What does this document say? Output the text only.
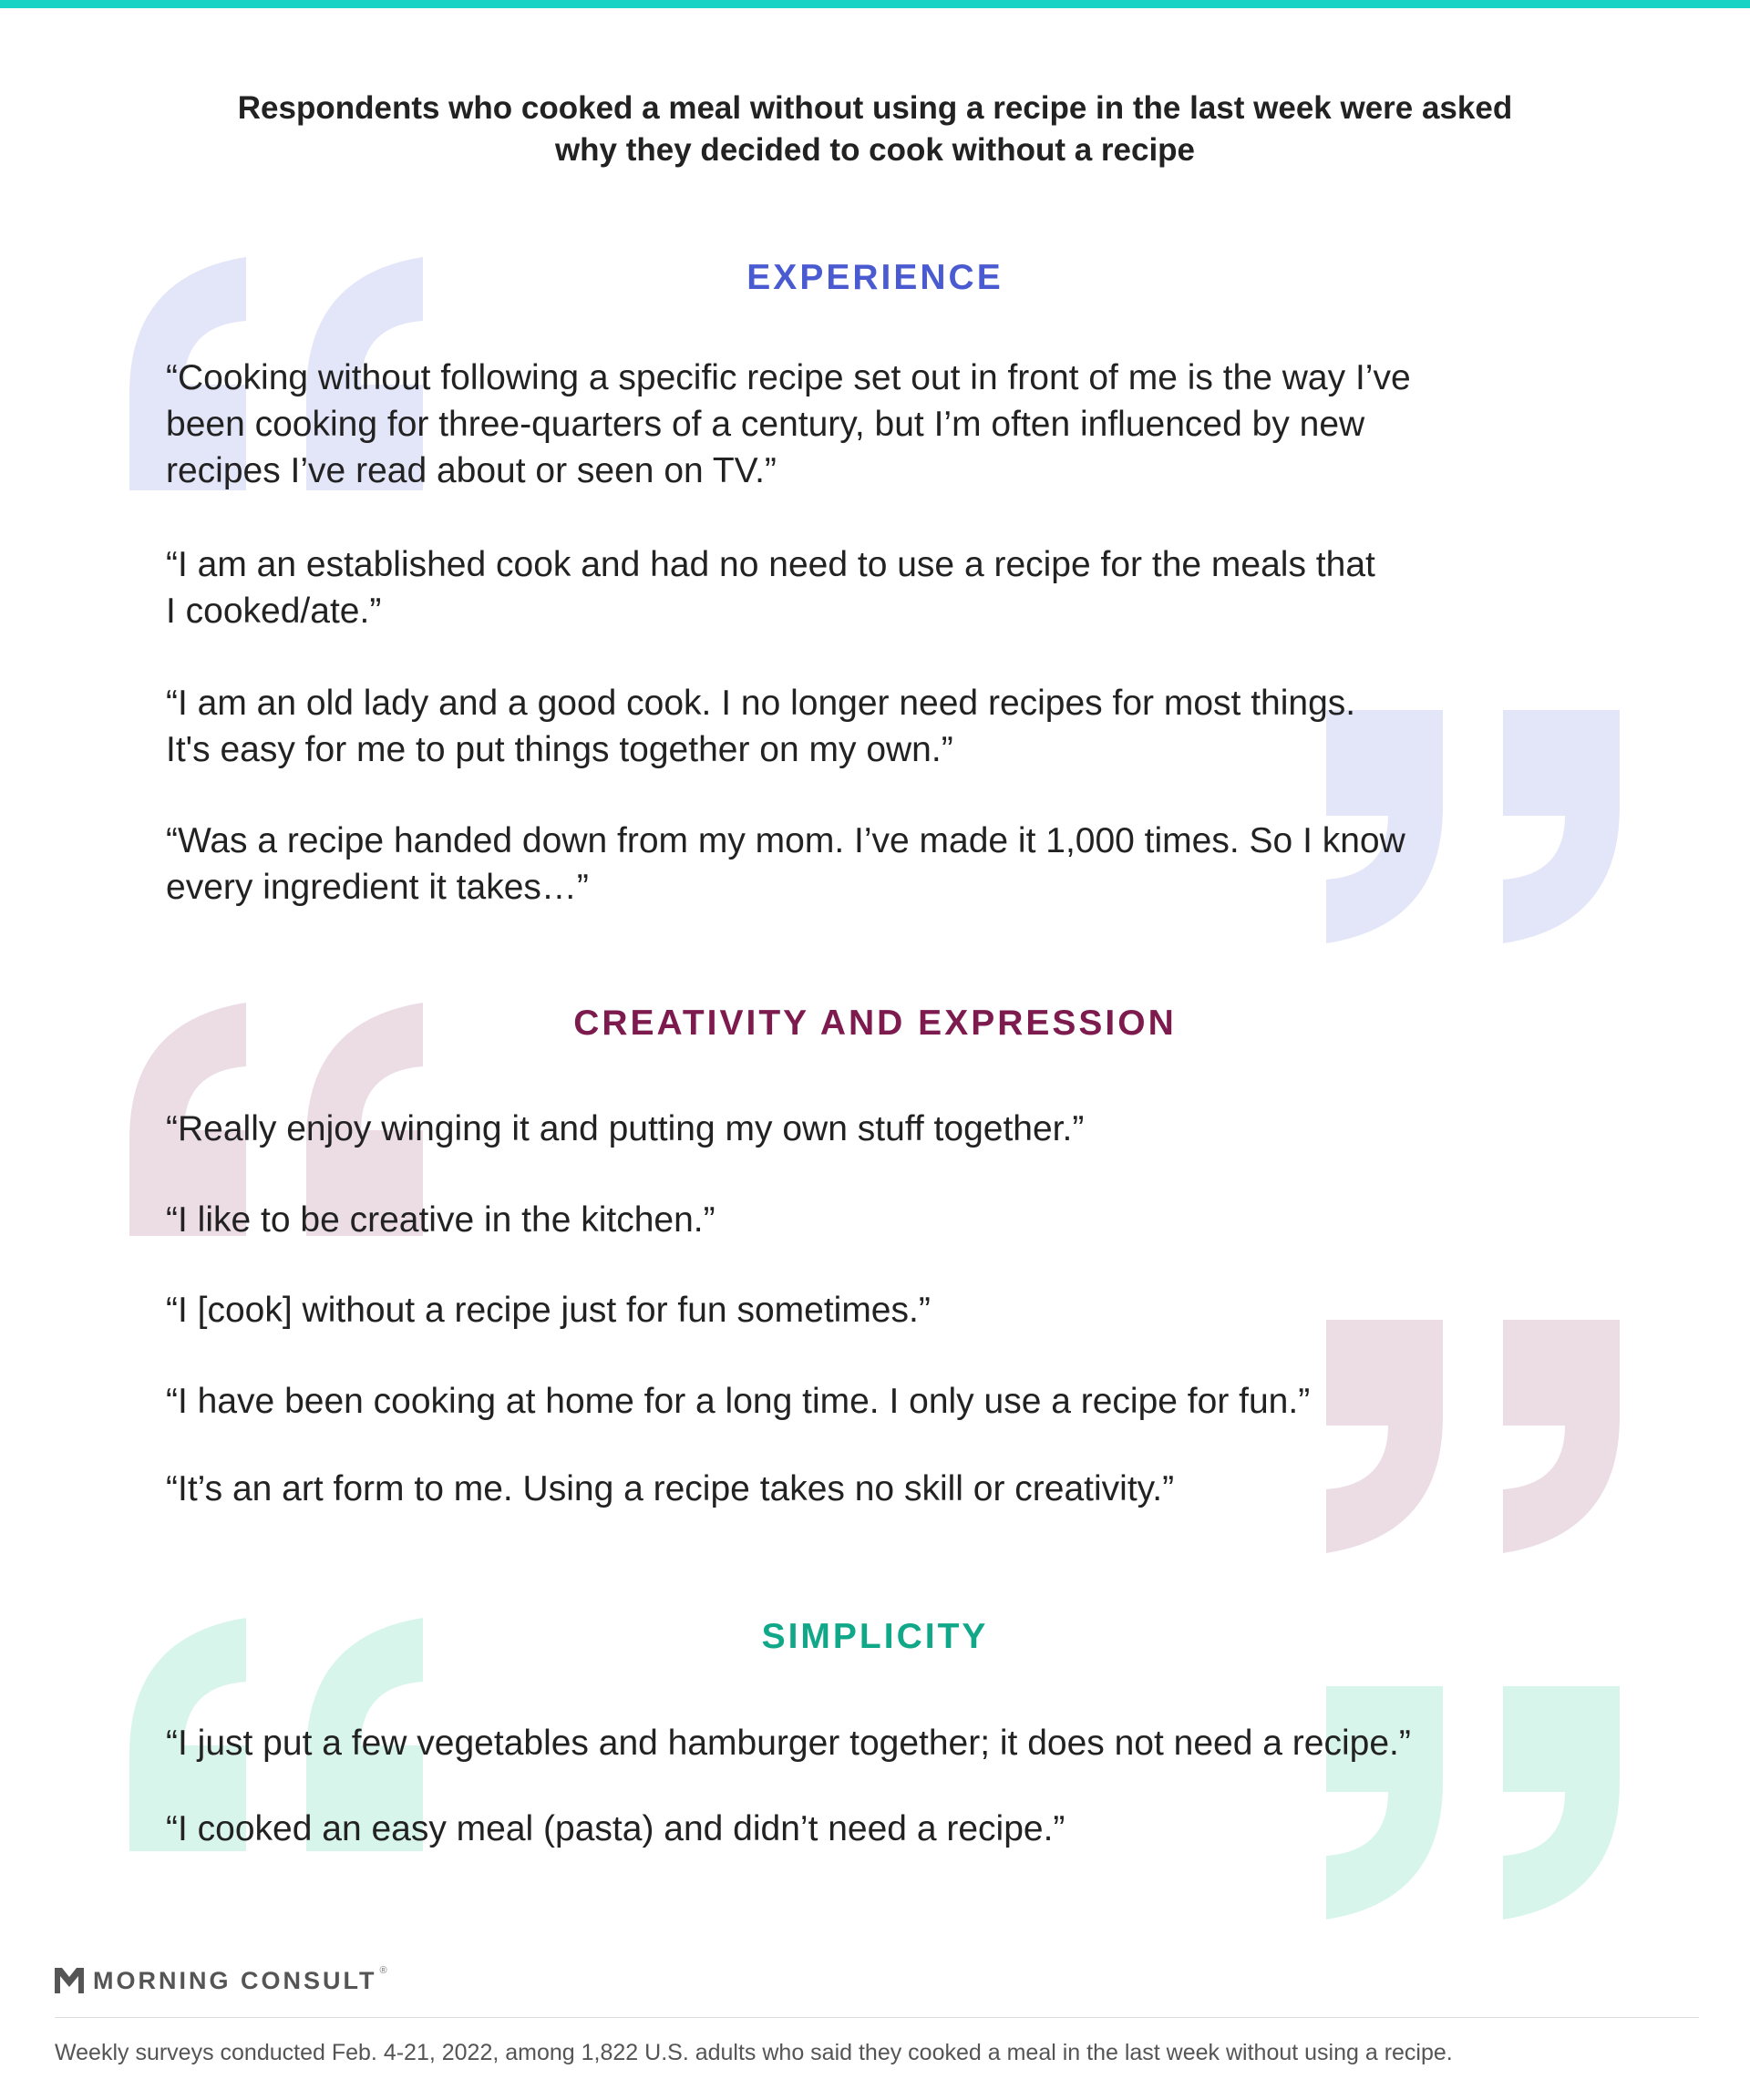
Respondents who cooked a meal without using a recipe in the last week were asked
why they decided to cook without a recipe
EXPERIENCE
“Cooking without following a specific recipe set out in front of me is the way I’ve
been cooking for three-quarters of a century, but I’m often influenced by new
recipes I’ve read about or seen on TV.”
“I am an established cook and had no need to use a recipe for the meals that
I cooked/ate.”
“I am an old lady and a good cook. I no longer need recipes for most things.
It's easy for me to put things together on my own.”
“Was a recipe handed down from my mom. I’ve made it 1,000 times. So I know
every ingredient it takes…”
CREATIVITY AND EXPRESSION
“Really enjoy winging it and putting my own stuff together.”
“I like to be creative in the kitchen.”
“I [cook] without a recipe just for fun sometimes.”
“I have been cooking at home for a long time. I only use a recipe for fun.”
“It’s an art form to me. Using a recipe takes no skill or creativity.”
SIMPLICITY
“I just put a few vegetables and hamburger together; it does not need a recipe.”
“I cooked an easy meal (pasta) and didn’t need a recipe.”
MORNING CONSULT ®
Weekly surveys conducted Feb. 4-21, 2022, among 1,822 U.S. adults who said they cooked a meal in the last week without using a recipe.
